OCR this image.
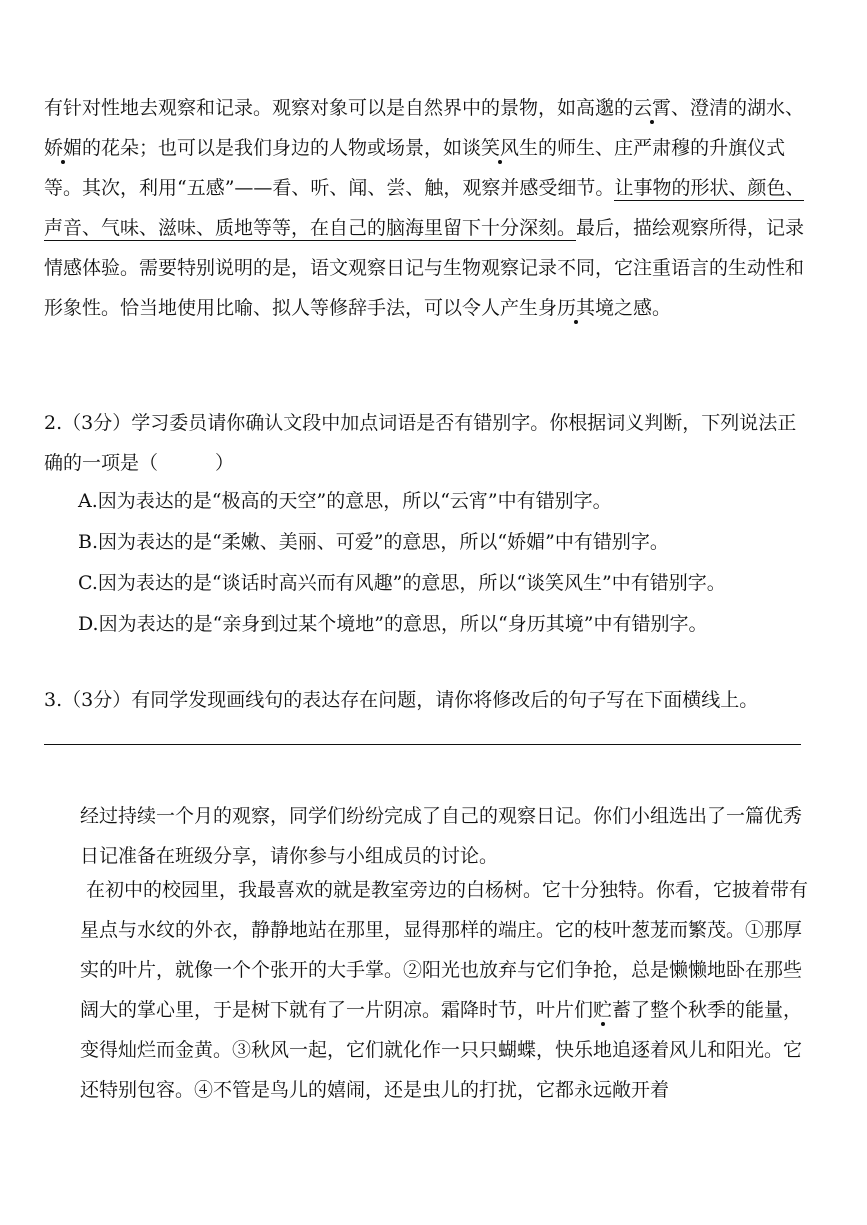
有针对性地去观察和记录。观察对象可以是自然界中的景物，如高邈的云霄、澄清的湖水、娇媚的花朵；也可以是我们身边的人物或场景，如谈笑风生的师生、庄严肃穆的升旗仪式等。其次，利用“五感”——看、听、闻、尝、触，观察并感受细节。让事物的形状、颜色、声音、气味、滋味、质地等等，在自己的脑海里留下十分深刻。最后，描绘观察所得，记录情感体验。需要特别说明的是，语文观察日记与生物观察记录不同，它注重语言的生动性和形象性。恰当地使用比喻、拟人等修辞手法，可以令人产生身历其境之感。

2.（3分）学习委员请你确认文段中加点词语是否有错别字。你根据词义判断，下列说法正确的一项是（　　　）

A.因为表达的是“极高的天空”的意思，所以“云宵”中有错别字。

B.因为表达的是“柔嫩、美丽、可爱”的意思，所以“娇媚”中有错别字。

C.因为表达的是“谈话时高兴而有风趣”的意思，所以“谈笑风生”中有错别字。

D.因为表达的是“亲身到过某个境地”的意思，所以“身历其境”中有错别字。

3.（3分）有同学发现画线句的表达存在问题，请你将修改后的句子写在下面横线上。

经过持续一个月的观察，同学们纷纷完成了自己的观察日记。你们小组选出了一篇优秀日记准备在班级分享，请你参与小组成员的讨论。

在初中的校园里，我最喜欢的就是教室旁边的白杨树。它十分独特。你看，它披着带有星点与水纹的外衣，静静地站在那里，显得那样的端庄。它的枝叶葱茏而繁茂。①那厚实的叶片，就像一个个张开的大手掌。②阳光也放弃与它们争抢，总是懒懒地卧在那些阔大的掌心里，于是树下就有了一片阴凉。霜降时节，叶片们贮蓄了整个秋季的能量，变得灿烂而金黄。③秋风一起，它们就化作一只只蝴蝶，快乐地追逐着风儿和阳光。它还特别包容。④不管是鸟儿的嬉闹，还是虫儿的打扰，它都永远敞开着
